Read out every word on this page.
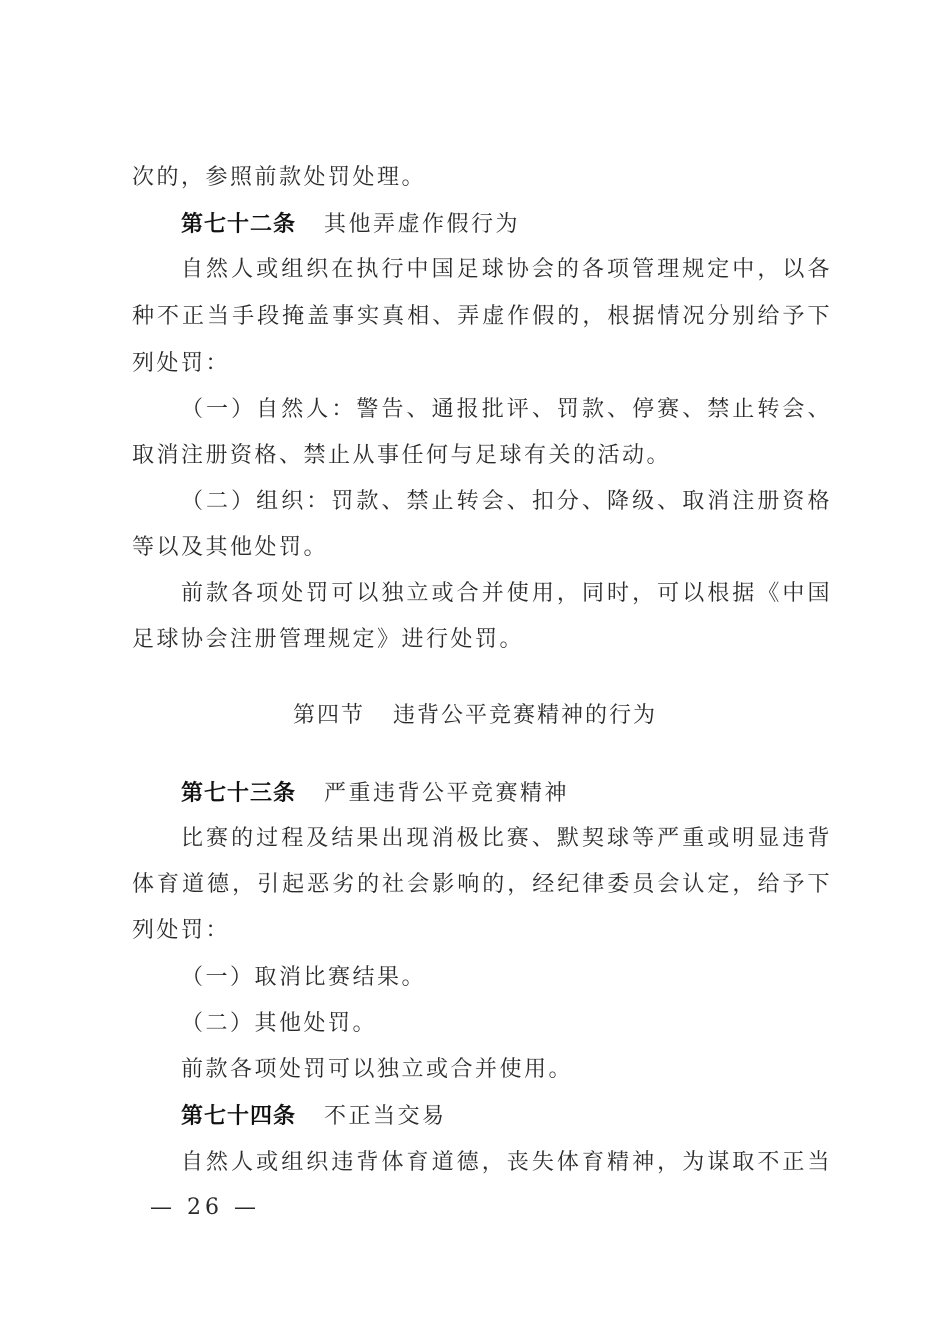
次的，参照前款处罚处理。
第七十二条 其他弄虚作假行为
自然人或组织在执行中国足球协会的各项管理规定中，以各
种不正当手段掩盖事实真相、弄虚作假的，根据情况分别给予下
列处罚：
（一）自然人：警告、通报批评、罚款、停赛、禁止转会、
取消注册资格、禁止从事任何与足球有关的活动。
（二）组织：罚款、禁止转会、扣分、降级、取消注册资格
等以及其他处罚。
前款各项处罚可以独立或合并使用，同时，可以根据《中国
足球协会注册管理规定》进行处罚。
第四节 违背公平竞赛精神的行为
第七十三条 严重违背公平竞赛精神
比赛的过程及结果出现消极比赛、默契球等严重或明显违背
体育道德，引起恶劣的社会影响的，经纪律委员会认定，给予下
列处罚：
（一）取消比赛结果。
（二）其他处罚。
前款各项处罚可以独立或合并使用。
第七十四条 不正当交易
自然人或组织违背体育道德，丧失体育精神，为谋取不正当
— 26 —
